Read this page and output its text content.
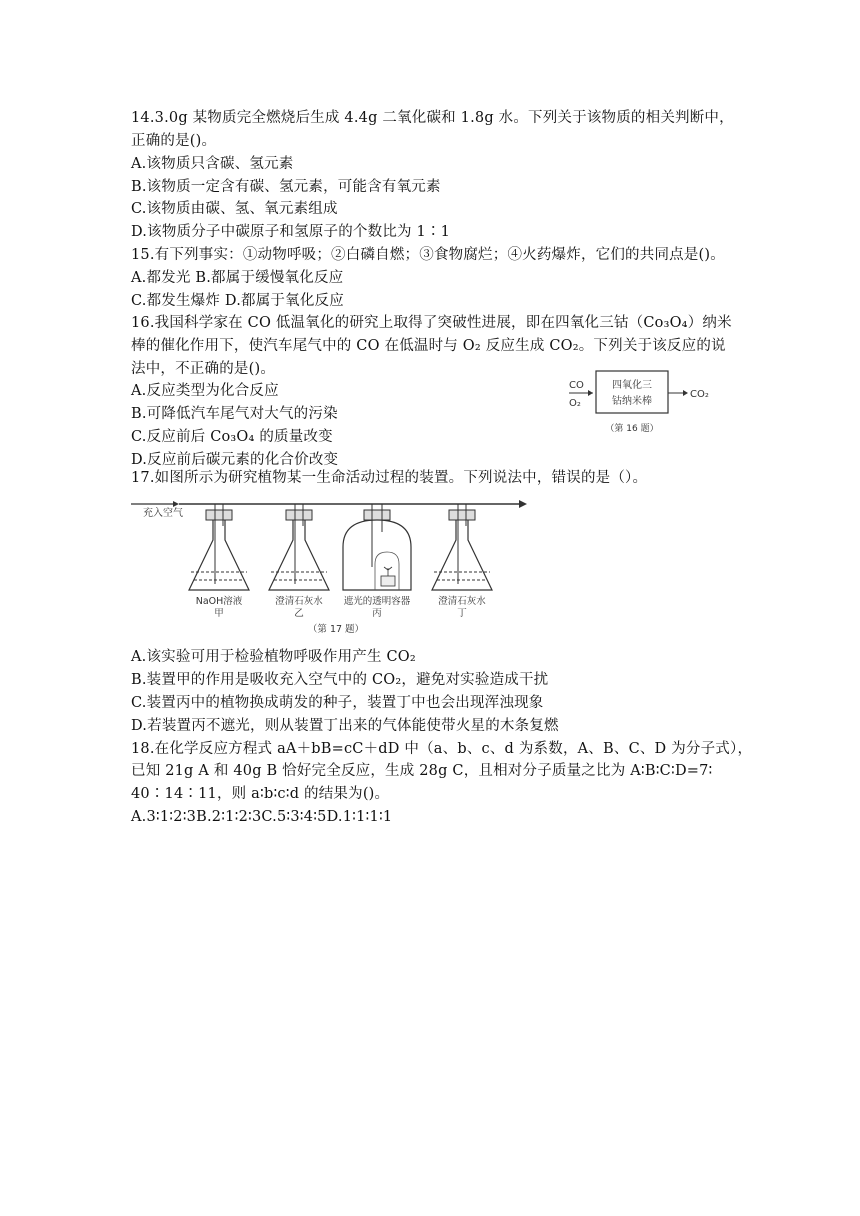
14.3.0g 某物质完全燃烧后生成 4.4g 二氧化碳和 1.8g 水。下列关于该物质的相关判断中，
正确的是()。
A.该物质只含碳、氢元素
B.该物质一定含有碳、氢元素，可能含有氧元素
C.该物质由碳、氢、氧元素组成
D.该物质分子中碳原子和氢原子的个数比为 1∶1
15.有下列事实：①动物呼吸；②白磷自燃；③食物腐烂；④火药爆炸，它们的共同点是()。
A.都发光 B.都属于缓慢氧化反应
C.都发生爆炸 D.都属于氧化反应
16.我国科学家在 CO 低温氧化的研究上取得了突破性进展，即在四氧化三钴（Co₃O₄）纳米
棒的催化作用下，使汽车尾气中的 CO 在低温时与 O₂ 反应生成 CO₂。下列关于该反应的说
法中，不正确的是()。
A.反应类型为化合反应
B.可降低汽车尾气对大气的污染
C.反应前后 Co₃O₄ 的质量改变
D.反应前后碳元素的化合价改变
CO
O₂
四氧化三
钴纳米棒
CO₂
（第 16 题）
17.如图所示为研究植物某一生命活动过程的装置。下列说法中，错误的是（）。
充入空气
NaOH溶液
甲
澄清石灰水
乙
遮光的透明容器
丙
澄清石灰水
丁
（第 17 题）
A.该实验可用于检验植物呼吸作用产生 CO₂
B.装置甲的作用是吸收充入空气中的 CO₂，避免对实验造成干扰
C.装置丙中的植物换成萌发的种子，装置丁中也会出现浑浊现象
D.若装置丙不遮光，则从装置丁出来的气体能使带火星的木条复燃
18.在化学反应方程式 aA＋bB=cC＋dD 中（a、b、c、d 为系数，A、B、C、D 为分子式），
已知 21g A 和 40g B 恰好完全反应，生成 28g C，且相对分子质量之比为 A∶B∶C∶D=7∶
40∶14∶11，则 a∶b∶c∶d 的结果为()。
A.3∶1∶2∶3B.2∶1∶2∶3C.5∶3∶4∶5D.1∶1∶1∶1
